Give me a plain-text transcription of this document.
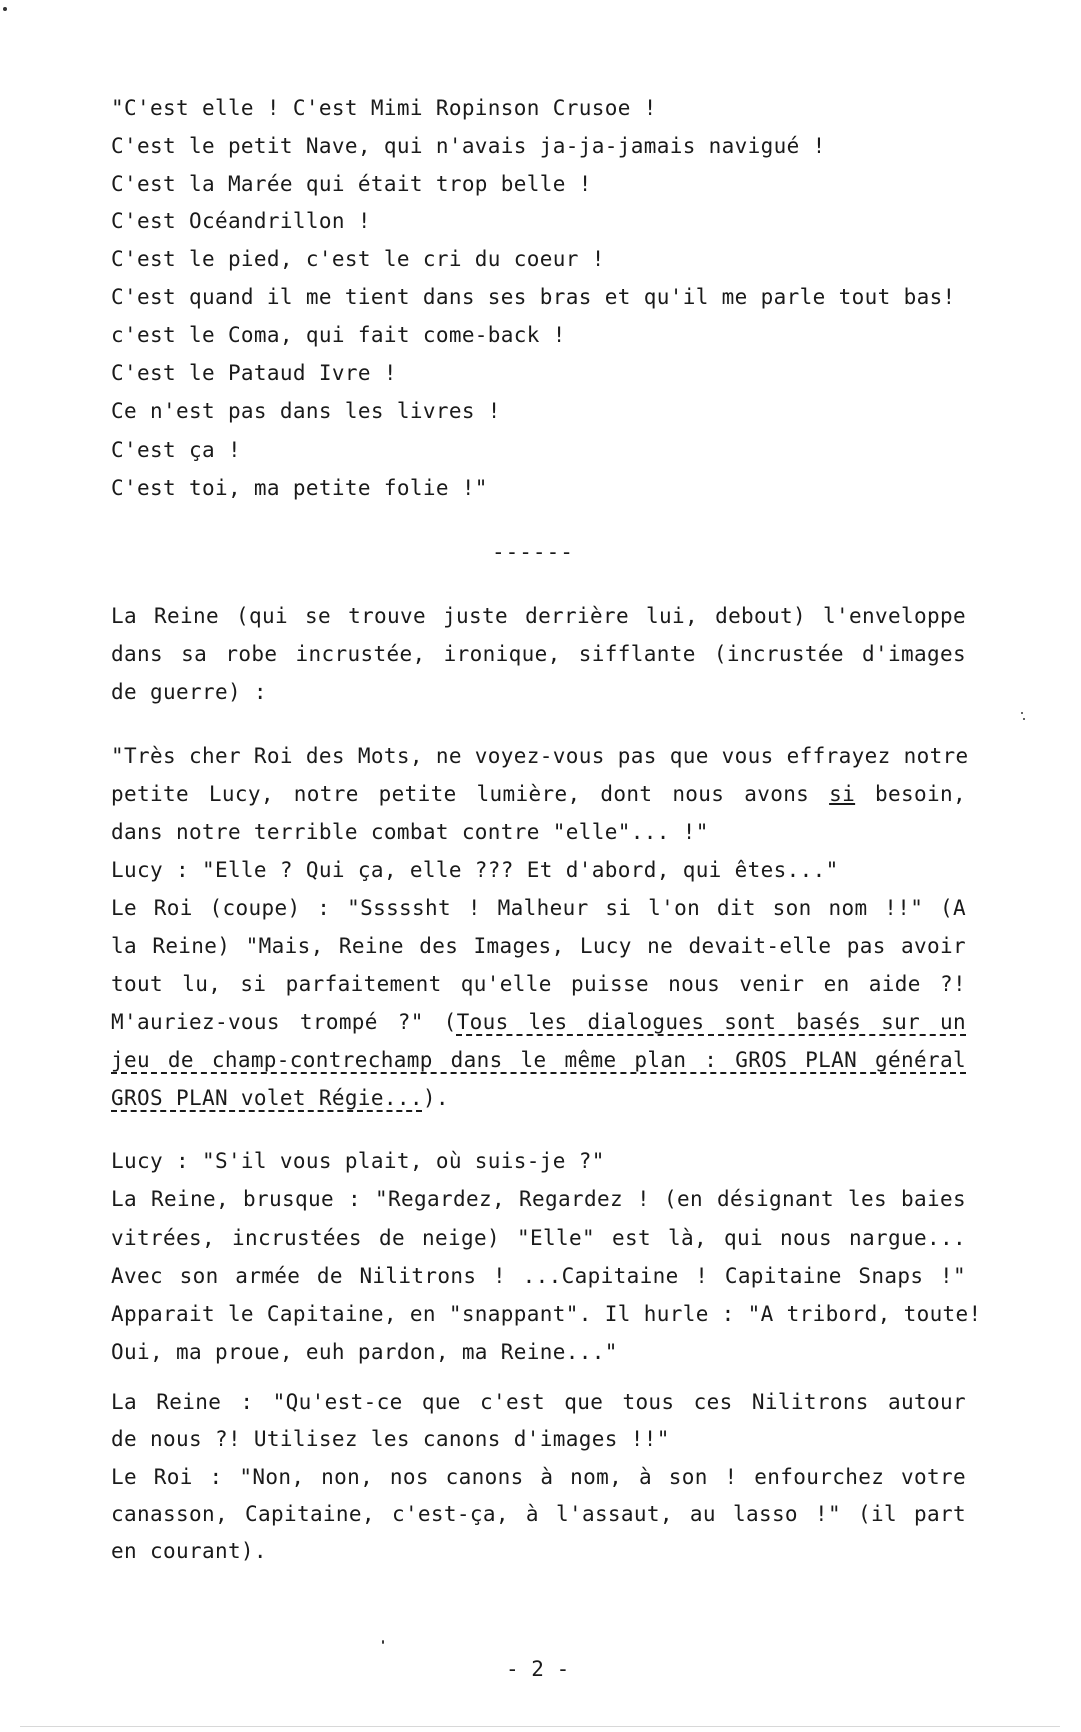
"C'est elle ! C'est Mimi Ropinson Crusoe !
C'est le petit Nave, qui n'avais ja-ja-jamais navigué !
C'est la Marée qui était trop belle !
C'est Océandrillon !
C'est le pied, c'est le cri du coeur !
C'est quand il me tient dans ses bras et qu'il me parle tout bas!
c'est le Coma, qui fait come-back !
C'est le Pataud Ivre !
Ce n'est pas dans les livres !
C'est ça !
C'est toi, ma petite folie !"
------
La Reine (qui se trouve juste derrière lui, debout) l'enveloppe
dans sa robe incrustée, ironique, sifflante (incrustée d'images
de guerre) :
"Très cher Roi des Mots, ne voyez-vous pas que vous effrayez notre
petite Lucy, notre petite lumière, dont nous avons si besoin,
dans notre terrible combat contre "elle"... !"
Lucy : "Elle ? Qui ça, elle ??? Et d'abord, qui êtes..."
Le Roi (coupe) : "Sssssht ! Malheur si l'on dit son nom !!" (A
la Reine) "Mais, Reine des Images, Lucy ne devait-elle pas avoir
tout lu, si parfaitement qu'elle puisse nous venir en aide ?!
M'auriez-vous trompé ?" (Tous les dialogues sont basés sur un
jeu de champ-contrechamp dans le même plan : GROS PLAN général
GROS PLAN volet Régie...).
Lucy : "S'il vous plait, où suis-je ?"
La Reine, brusque : "Regardez, Regardez ! (en désignant les baies
vitrées, incrustées de neige) "Elle" est là, qui nous nargue...
Avec son armée de Nilitrons ! ...Capitaine ! Capitaine Snaps !"
Apparait le Capitaine, en "snappant". Il hurle : "A tribord, toute!
Oui, ma proue, euh pardon, ma Reine..."
La Reine : "Qu'est-ce que c'est que tous ces Nilitrons autour
de nous ?! Utilisez les canons d'images !!"
Le Roi : "Non, non, nos canons à nom, à son ! enfourchez votre
canasson, Capitaine, c'est-ça, à l'assaut, au lasso !" (il part
en courant).
- 2 -
